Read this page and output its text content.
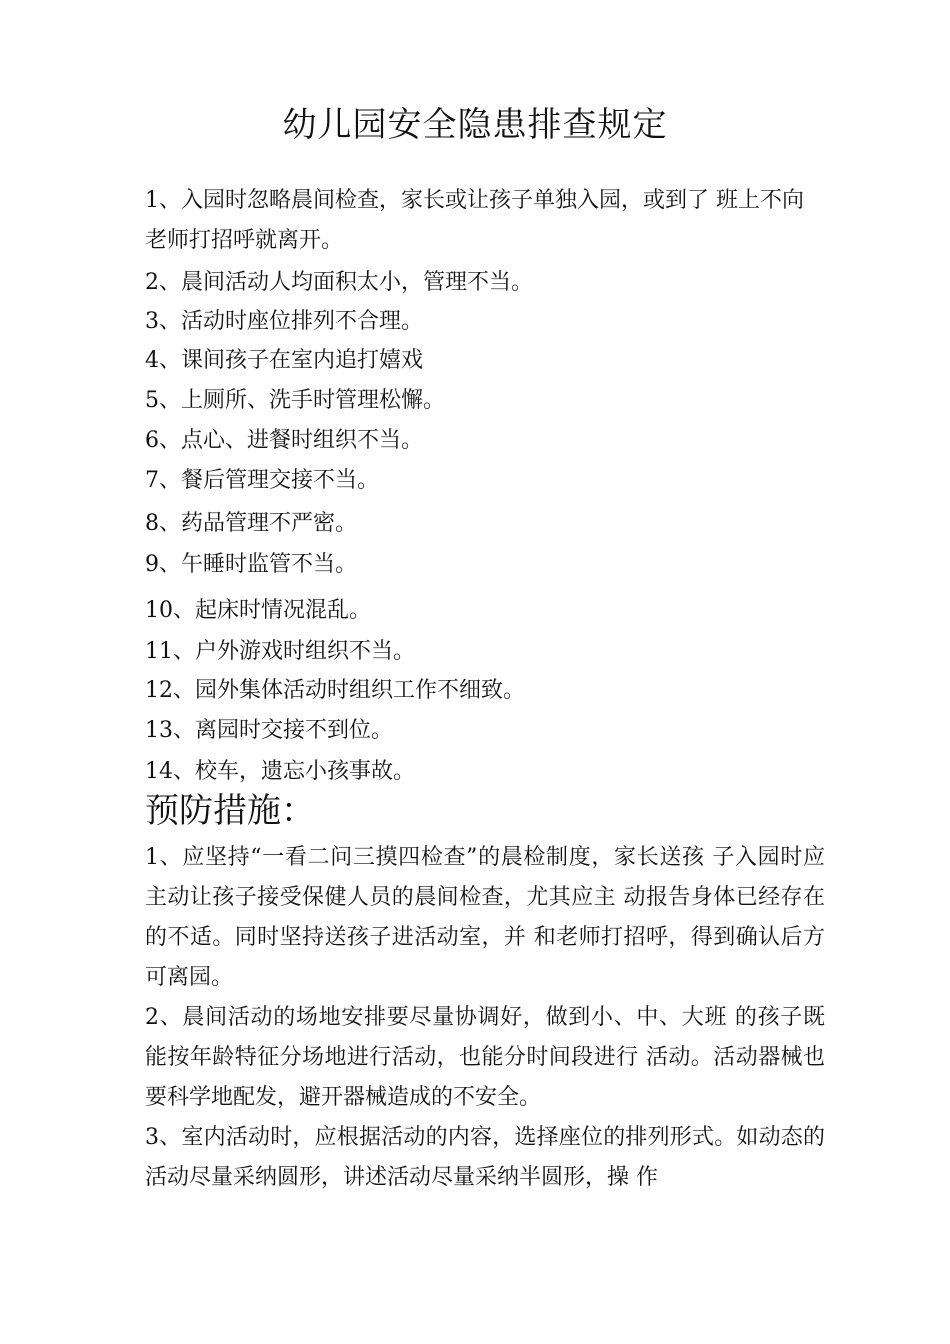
幼儿园安全隐患排查规定
1、入园时忽略晨间检查，家长或让孩子单独入园，或到了 班上不向老师打招呼就离开。
2、晨间活动人均面积太小，管理不当。
3、活动时座位排列不合理。
4、课间孩子在室内追打嬉戏
5、上厕所、洗手时管理松懈。
6、点心、进餐时组织不当。
7、餐后管理交接不当。
8、药品管理不严密。
9、午睡时监管不当。
10、起床时情况混乱。
11、户外游戏时组织不当。
12、园外集体活动时组织工作不细致。
13、离园时交接不到位。
14、校车，遗忘小孩事故。
预防措施：
1、应坚持“一看二问三摸四检查”的晨检制度，家长送孩 子入园时应主动让孩子接受保健人员的晨间检查，尤其应主 动报告身体已经存在的不适。同时坚持送孩子进活动室，并 和老师打招呼，得到确认后方可离园。
2、晨间活动的场地安排要尽量协调好，做到小、中、大班 的孩子既能按年龄特征分场地进行活动，也能分时间段进行 活动。活动器械也要科学地配发，避开器械造成的不安全。
3、室内活动时，应根据活动的内容，选择座位的排列形式。如动态的活动尽量采纳圆形，讲述活动尽量采纳半圆形，操 作
